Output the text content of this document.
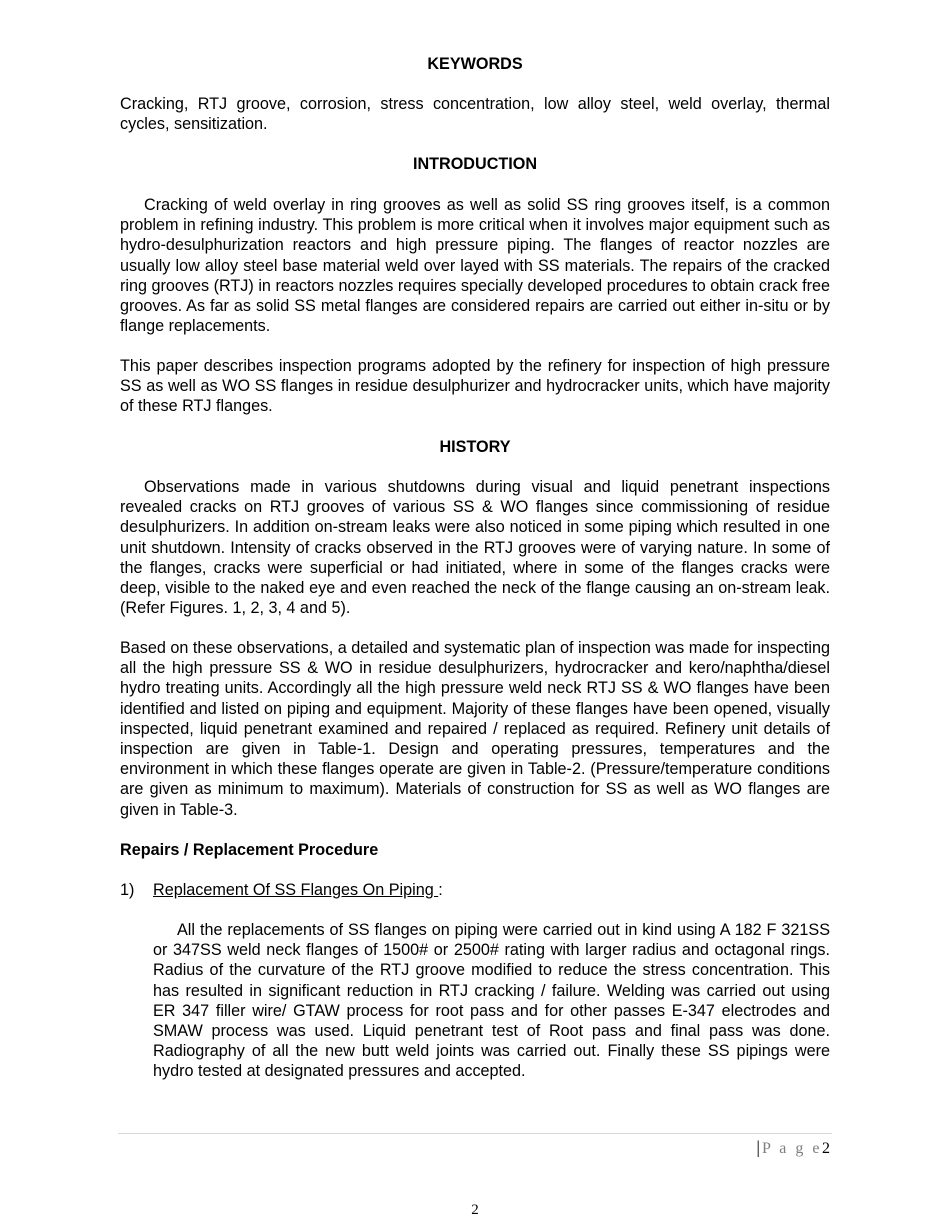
KEYWORDS

Cracking, RTJ groove, corrosion, stress concentration, low alloy steel, weld overlay, thermal cycles, sensitization.

INTRODUCTION

Cracking of weld overlay in ring grooves as well as solid SS ring grooves itself, is a common problem in refining industry. This problem is more critical when it involves major equipment such as hydro-desulphurization reactors and high pressure piping. The flanges of reactor nozzles are usually low alloy steel base material weld over layed with SS materials. The repairs of the cracked ring grooves (RTJ) in reactors nozzles requires specially developed procedures to obtain crack free grooves. As far as solid SS metal flanges are considered repairs are carried out either in-situ or by flange replacements.

This paper describes inspection programs adopted by the refinery for inspection of high pressure SS as well as WO SS flanges in residue desulphurizer and hydrocracker units, which have majority of these RTJ flanges.

HISTORY

Observations made in various shutdowns during visual and liquid penetrant inspections revealed cracks on RTJ grooves of various SS & WO flanges since commissioning of residue desulphurizers. In addition on-stream leaks were also noticed in some piping which resulted in one unit shutdown. Intensity of cracks observed in the RTJ grooves were of varying nature. In some of the flanges, cracks were superficial or had initiated, where in some of the flanges cracks were deep, visible to the naked eye and even reached the neck of the flange causing an on-stream leak. (Refer Figures. 1, 2, 3, 4 and 5).

Based on these observations, a detailed and systematic plan of inspection was made for inspecting all the high pressure SS & WO in residue desulphurizers, hydrocracker and kero/naphtha/diesel hydro treating units. Accordingly all the high pressure weld neck RTJ SS & WO flanges have been identified and listed on piping and equipment. Majority of these flanges have been opened, visually inspected, liquid penetrant examined and repaired / replaced as required. Refinery unit details of inspection are given in Table-1. Design and operating pressures, temperatures and the environment in which these flanges operate are given in Table-2. (Pressure/temperature conditions are given as minimum to maximum). Materials of construction for SS as well as WO flanges are given in Table-3.

Repairs / Replacement Procedure
1) Replacement Of SS Flanges On Piping :

All the replacements of SS flanges on piping were carried out in kind using A 182 F 321SS or 347SS weld neck flanges of 1500# or 2500# rating with larger radius and octagonal rings. Radius of the curvature of the RTJ groove modified to reduce the stress concentration. This has resulted in significant reduction in RTJ cracking / failure. Welding was carried out using ER 347 filler wire/ GTAW process for root pass and for other passes E-347 electrodes and SMAW process was used. Liquid penetrant test of Root pass and final pass was done. Radiography of all the new butt weld joints was carried out. Finally these SS pipings were hydro tested at designated pressures and accepted.

| P a g e2
2
